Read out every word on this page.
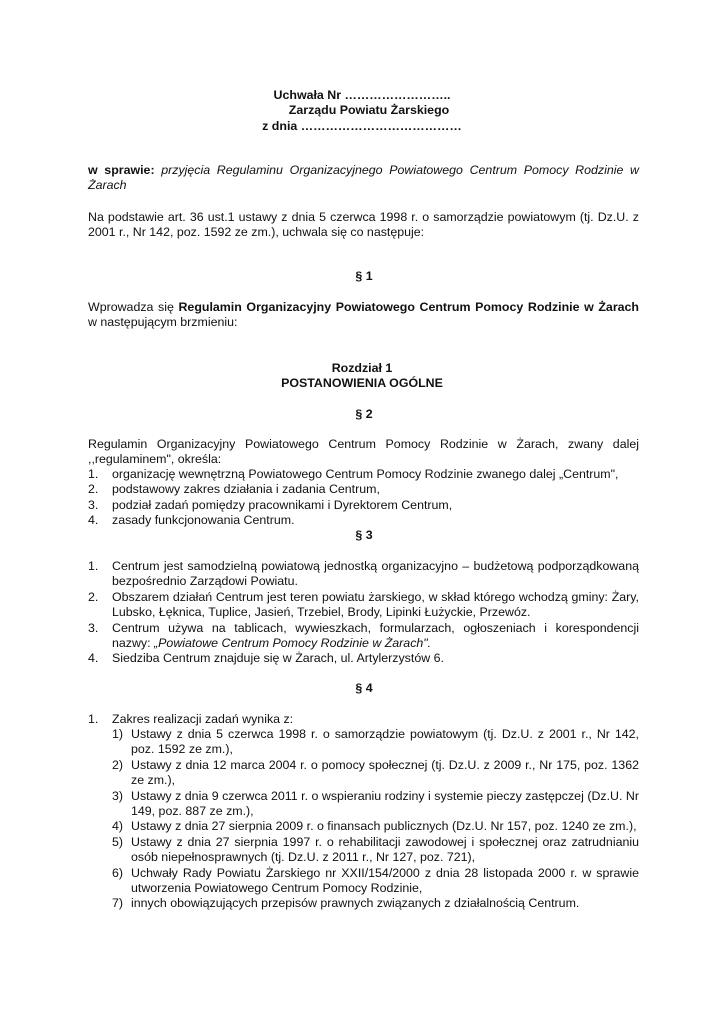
Uchwała Nr ……………………..
Zarządu Powiatu Żarskiego
z dnia …………………………………
w sprawie: przyjęcia Regulaminu Organizacyjnego Powiatowego Centrum Pomocy Rodzinie w Żarach
Na podstawie art. 36 ust.1 ustawy z dnia 5 czerwca 1998 r. o samorządzie powiatowym (tj. Dz.U. z 2001 r., Nr 142, poz. 1592 ze zm.), uchwala się co następuje:
§ 1
Wprowadza się Regulamin Organizacyjny Powiatowego Centrum Pomocy Rodzinie w Żarach
w następującym brzmieniu:
Rozdział 1
POSTANOWIENIA OGÓLNE
§ 2
Regulamin Organizacyjny Powiatowego Centrum Pomocy Rodzinie w Żarach, zwany dalej ,,regulaminem", określa:
1. organizację wewnętrzną Powiatowego Centrum Pomocy Rodzinie zwanego dalej „Centrum",
2. podstawowy zakres działania i zadania Centrum,
3. podział zadań pomiędzy pracownikami i Dyrektorem Centrum,
4. zasady funkcjonowania Centrum.
§ 3
1. Centrum jest samodzielną powiatową jednostką organizacyjno – budżetową podporządkowaną bezpośrednio Zarządowi Powiatu.
2. Obszarem działań Centrum jest teren powiatu żarskiego, w skład którego wchodzą gminy: Żary, Lubsko, Łęknica, Tuplice, Jasień, Trzebiel, Brody, Lipinki Łużyckie, Przewóz.
3. Centrum używa na tablicach, wywieszkach, formularzach, ogłoszeniach i korespondencji nazwy: „Powiatowe Centrum Pomocy Rodzinie w Żarach".
4. Siedziba Centrum znajduje się w Żarach, ul. Artylerzystów 6.
§ 4
1. Zakres realizacji zadań wynika z:
1) Ustawy z dnia 5 czerwca 1998 r. o samorządzie powiatowym (tj. Dz.U. z 2001 r., Nr 142, poz. 1592 ze zm.),
2) Ustawy z dnia 12 marca 2004 r. o pomocy społecznej (tj. Dz.U. z 2009 r., Nr 175, poz. 1362 ze zm.),
3) Ustawy z dnia 9 czerwca 2011 r. o wspieraniu rodziny i systemie pieczy zastępczej (Dz.U. Nr 149, poz. 887 ze zm.),
4) Ustawy z dnia 27 sierpnia 2009 r. o finansach publicznych (Dz.U. Nr 157, poz. 1240 ze zm.),
5) Ustawy z dnia 27 sierpnia 1997 r. o rehabilitacji zawodowej i społecznej oraz zatrudnianiu osób niepełnosprawnych (tj. Dz.U. z 2011 r., Nr 127, poz. 721),
6) Uchwały Rady Powiatu Żarskiego nr XXII/154/2000 z dnia 28 listopada 2000 r. w sprawie utworzenia Powiatowego Centrum Pomocy Rodzinie,
7) innych obowiązujących przepisów prawnych związanych z działalnością Centrum.
